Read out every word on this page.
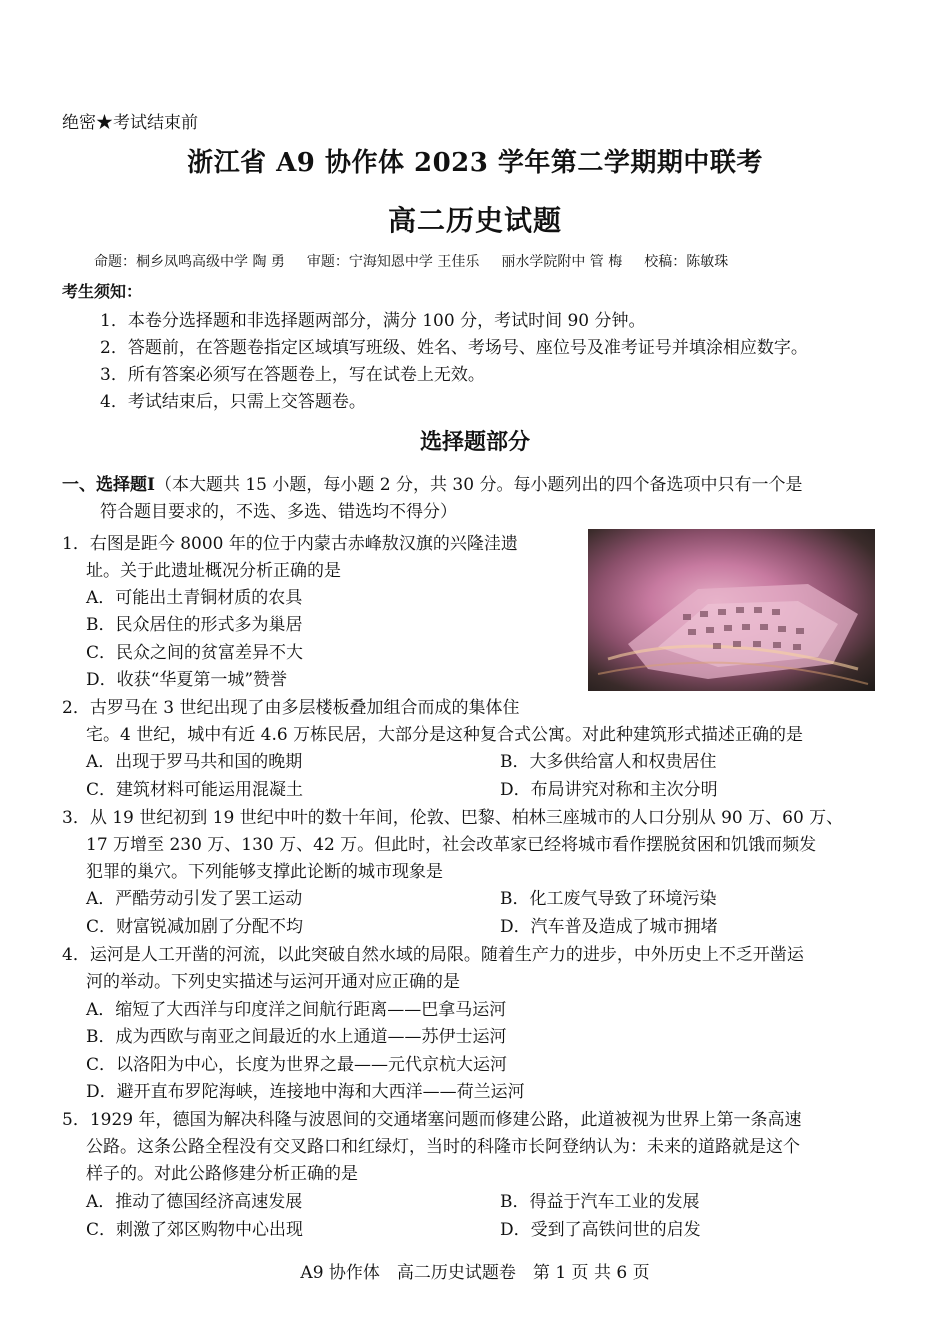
绝密★考试结束前
浙江省 A9 协作体 2023 学年第二学期期中联考
高二历史试题
命题：桐乡凤鸣高级中学 陶 勇 审题：宁海知恩中学 王佳乐 丽水学院附中 管 梅 校稿：陈敏珠
考生须知：
1．本卷分选择题和非选择题两部分，满分 100 分，考试时间 90 分钟。
2．答题前，在答题卷指定区域填写班级、姓名、考场号、座位号及准考证号并填涂相应数字。
3．所有答案必须写在答题卷上，写在试卷上无效。
4．考试结束后，只需上交答题卷。
选择题部分
一、选择题Ⅰ（本大题共 15 小题，每小题 2 分，共 30 分。每小题列出的四个备选项中只有一个是
符合题目要求的，不选、多选、错选均不得分）
1．右图是距今 8000 年的位于内蒙古赤峰敖汉旗的兴隆洼遗
址。关于此遗址概况分析正确的是
A．可能出土青铜材质的农具
B．民众居住的形式多为巢居
C．民众之间的贫富差异不大
D．收获“华夏第一城”赞誉
2．古罗马在 3 世纪出现了由多层楼板叠加组合而成的集体住
宅。4 世纪，城中有近 4.6 万栋民居，大部分是这种复合式公寓。对此种建筑形式描述正确的是
A．出现于罗马共和国的晚期	B．大多供给富人和权贵居住
C．建筑材料可能运用混凝土	D．布局讲究对称和主次分明
3．从 19 世纪初到 19 世纪中叶的数十年间，伦敦、巴黎、柏林三座城市的人口分别从 90 万、60 万、
17 万增至 230 万、130 万、42 万。但此时，社会改革家已经将城市看作摆脱贫困和饥饿而频发
犯罪的巢穴。下列能够支撑此论断的城市现象是
A．严酷劳动引发了罢工运动	B．化工废气导致了环境污染
C．财富锐减加剧了分配不均	D．汽车普及造成了城市拥堵
4．运河是人工开凿的河流，以此突破自然水域的局限。随着生产力的进步，中外历史上不乏开凿运
河的举动。下列史实描述与运河开通对应正确的是
A．缩短了大西洋与印度洋之间航行距离——巴拿马运河
B．成为西欧与南亚之间最近的水上通道——苏伊士运河
C．以洛阳为中心，长度为世界之最——元代京杭大运河
D．避开直布罗陀海峡，连接地中海和大西洋——荷兰运河
5．1929 年，德国为解决科隆与波恩间的交通堵塞问题而修建公路，此道被视为世界上第一条高速
公路。这条公路全程没有交叉路口和红绿灯，当时的科隆市长阿登纳认为：未来的道路就是这个
样子的。对此公路修建分析正确的是
A．推动了德国经济高速发展	B．得益于汽车工业的发展
C．刺激了郊区购物中心出现	D．受到了高铁问世的启发
A9 协作体　高二历史试题卷　第 1 页 共 6 页
